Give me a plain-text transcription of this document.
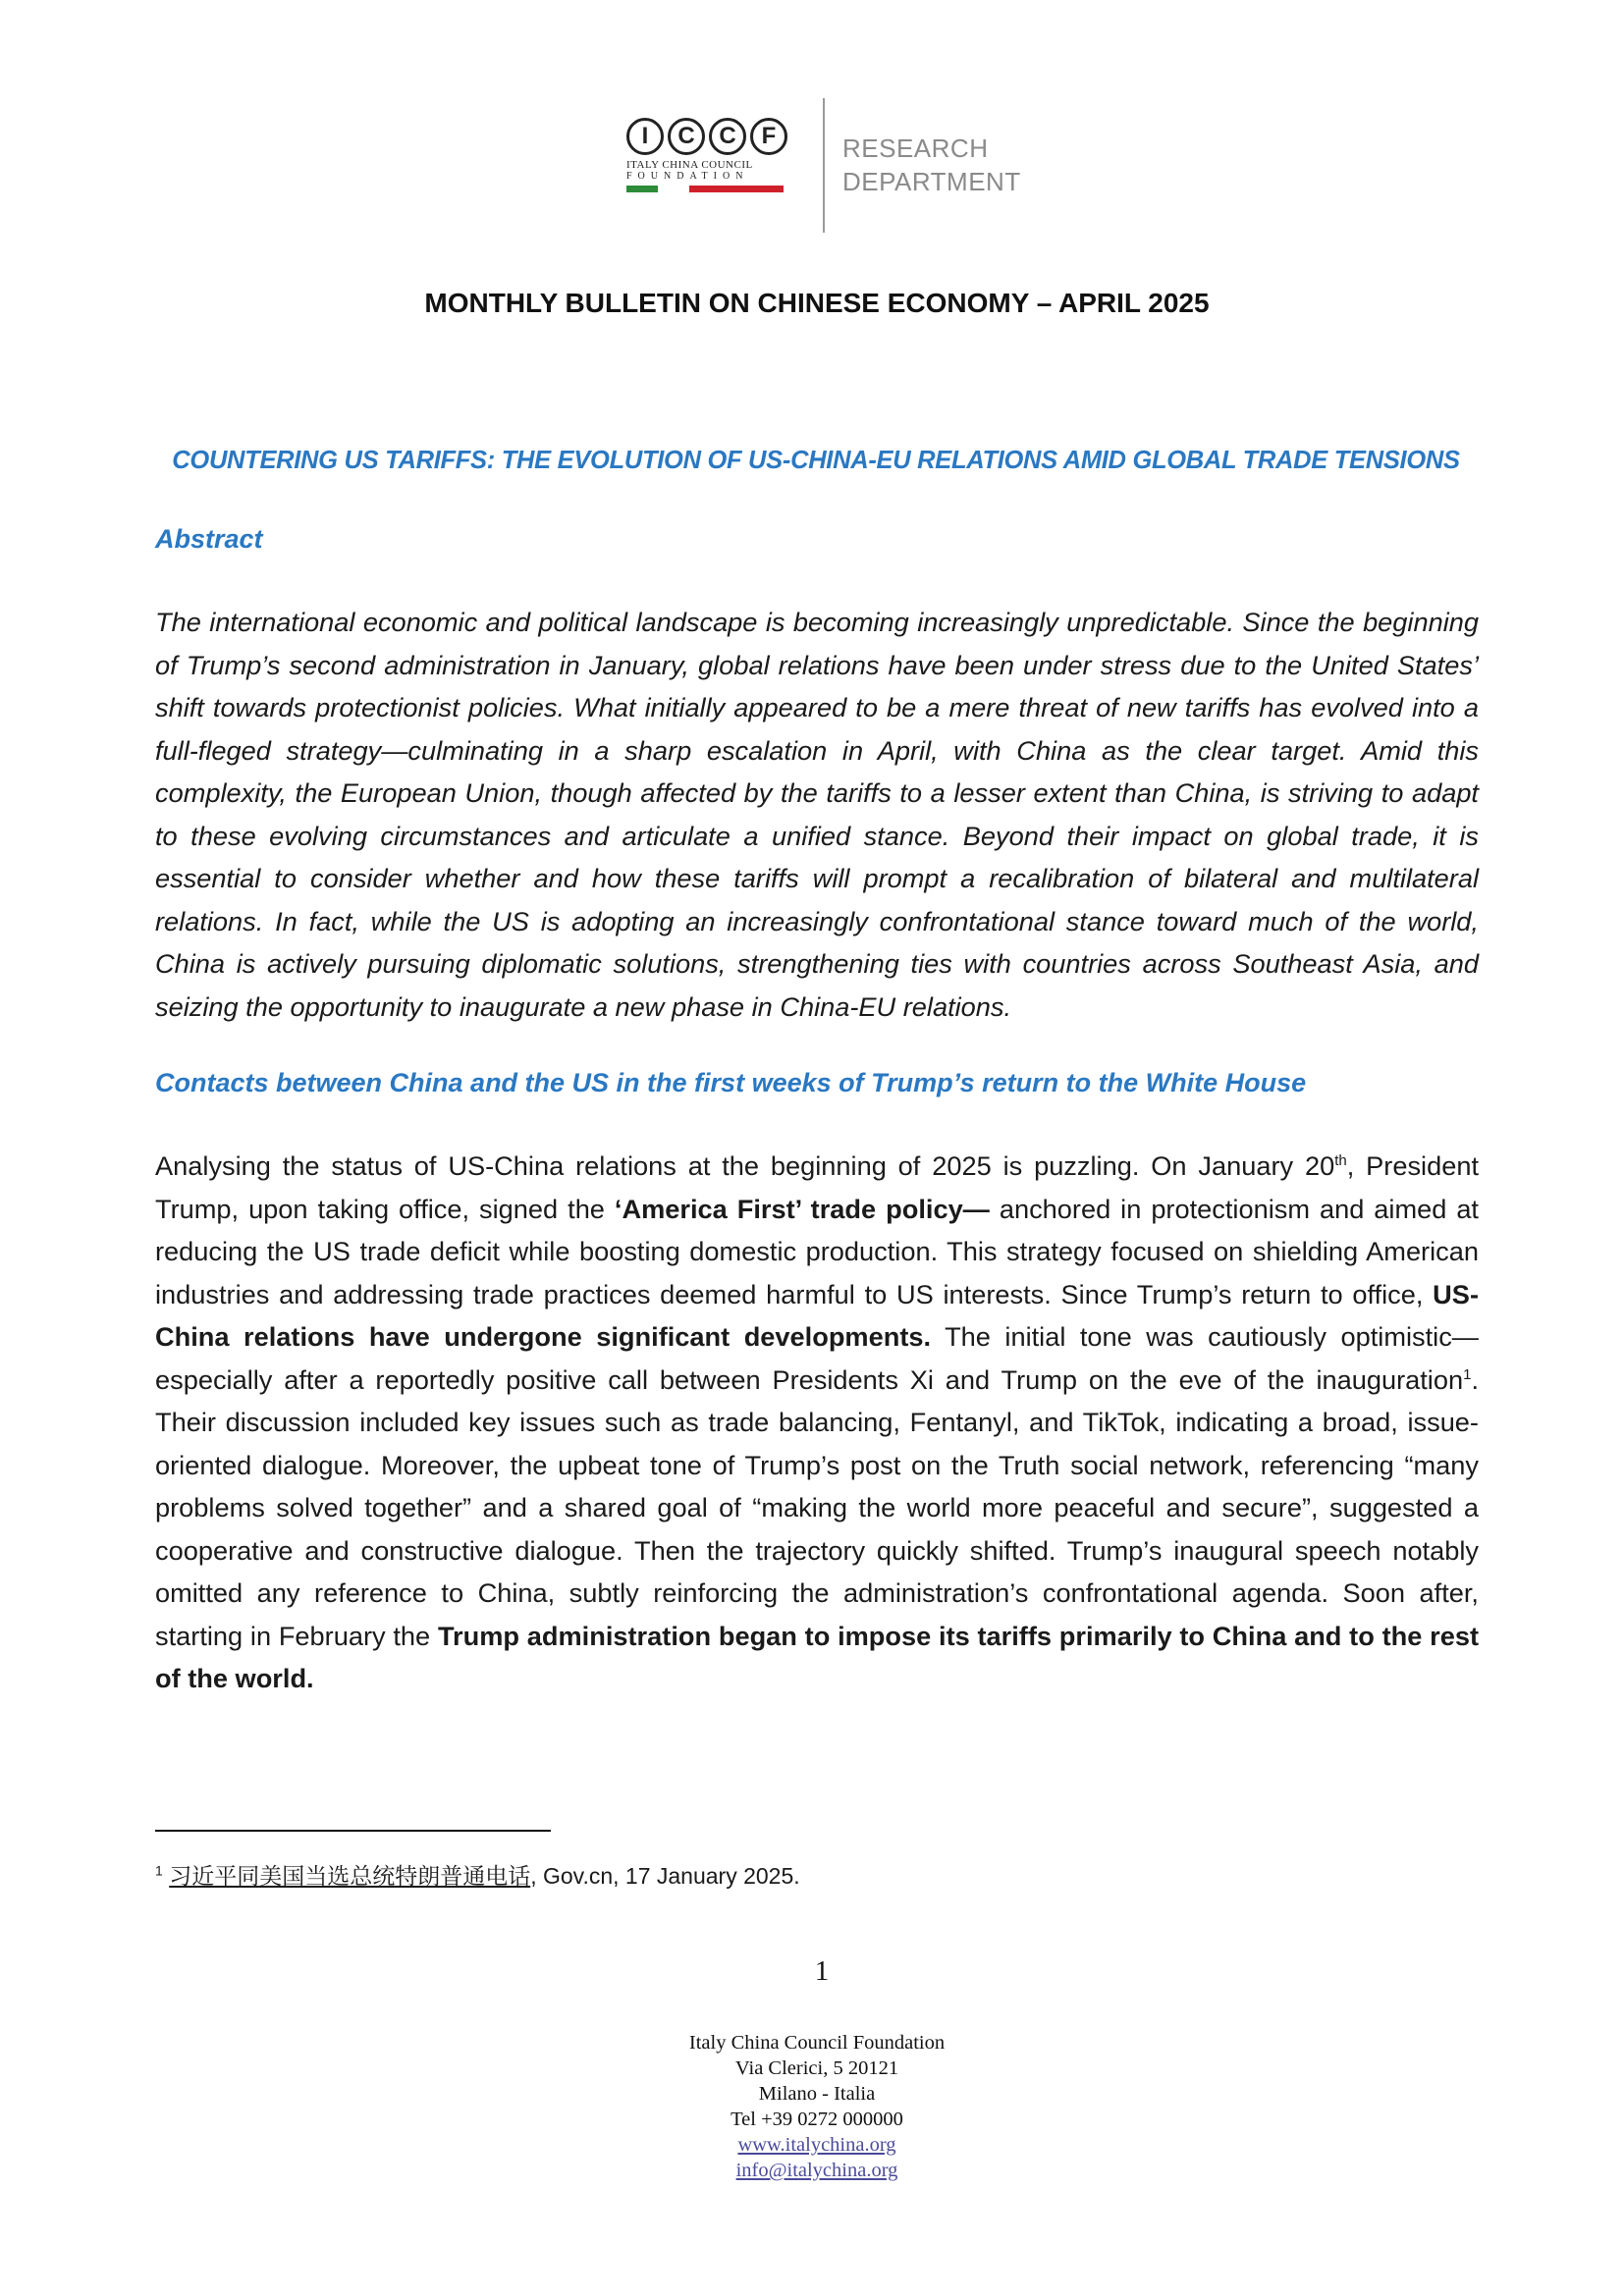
I	C	C	F
ITALY CHINA COUNCIL
FOUNDATION
RESEARCH
DEPARTMENT
MONTHLY BULLETIN ON CHINESE ECONOMY – APRIL 2025
COUNTERING US TARIFFS: THE EVOLUTION OF US-CHINA-EU RELATIONS AMID GLOBAL TRADE TENSIONS
Abstract
The international economic and political landscape is becoming increasingly unpredictable. Since the beginning of Trump’s second administration in January, global relations have been under stress due to the United States’ shift towards protectionist policies. What initially appeared to be a mere threat of new tariffs has evolved into a full-fleged strategy—culminating in a sharp escalation in April, with China as the clear target. Amid this complexity, the European Union, though affected by the tariffs to a lesser extent than China, is striving to adapt to these evolving circumstances and articulate a unified stance. Beyond their impact on global trade, it is essential to consider whether and how these tariffs will prompt a recalibration of bilateral and multilateral relations. In fact, while the US is adopting an increasingly confrontational stance toward much of the world, China is actively pursuing diplomatic solutions, strengthening ties with countries across Southeast Asia, and seizing the opportunity to inaugurate a new phase in China-EU relations.
Contacts between China and the US in the first weeks of Trump’s return to the White House
Analysing the status of US-China relations at the beginning of 2025 is puzzling. On January 20th, President Trump, upon taking office, signed the ‘America First’ trade policy— anchored in protectionism and aimed at reducing the US trade deficit while boosting domestic production. This strategy focused on shielding American industries and addressing trade practices deemed harmful to US interests. Since Trump’s return to office, US-China relations have undergone significant developments. The initial tone was cautiously optimistic— especially after a reportedly positive call between Presidents Xi and Trump on the eve of the inauguration$^1$. Their discussion included key issues such as trade balancing, Fentanyl, and TikTok, indicating a broad, issue-oriented dialogue. Moreover, the upbeat tone of Trump’s post on the Truth social network, referencing “many problems solved together” and a shared goal of “making the world more peaceful and secure”, suggested a cooperative and constructive dialogue. Then the trajectory quickly shifted. Trump’s inaugural speech notably omitted any reference to China, subtly reinforcing the administration’s confrontational agenda. Soon after, starting in February the Trump administration began to impose its tariffs primarily to China and to the rest of the world.
$^1$ 习近平同美国当选总统特朗普通电话, Gov.cn, 17 January 2025.
1
Italy China Council Foundation
Via Clerici, 5 20121
Milano - Italia
Tel +39 0272 000000
www.italychina.org
info@italychina.org
